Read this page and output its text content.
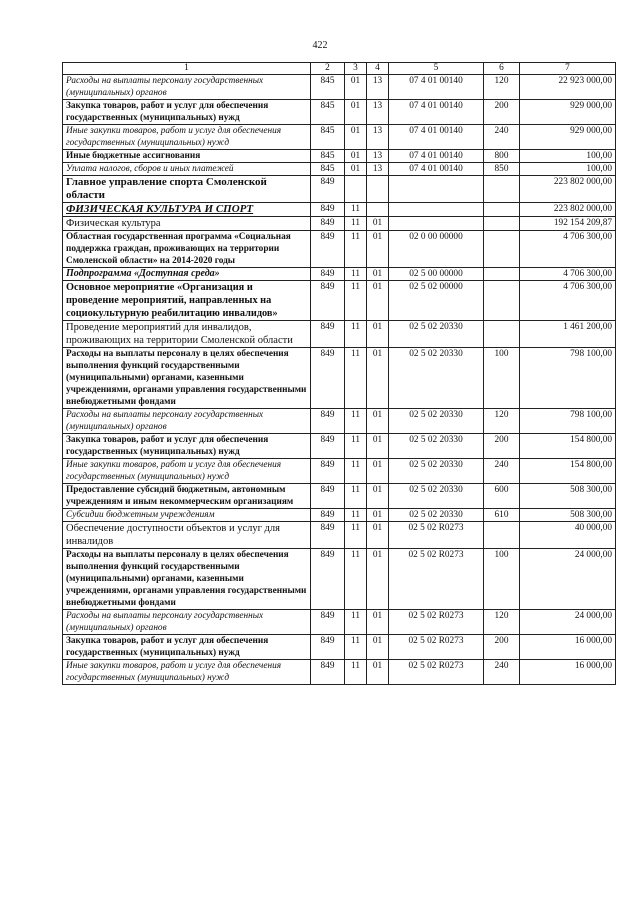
422
1	2	3	4	5	6	7
Расходы на выплаты персоналу государственных (муниципальных) органов	845	01	13	07 4 01 00140	120	22 923 000,00
Закупка товаров, работ и услуг для обеспечения государственных (муниципальных) нужд	845	01	13	07 4 01 00140	200	929 000,00
Иные закупки товаров, работ и услуг для обеспечения государственных (муниципальных) нужд	845	01	13	07 4 01 00140	240	929 000,00
Иные бюджетные ассигнования	845	01	13	07 4 01 00140	800	100,00
Уплата налогов, сборов и иных платежей	845	01	13	07 4 01 00140	850	100,00
Главное управление спорта Смоленской области	849					223 802 000,00
ФИЗИЧЕСКАЯ КУЛЬТУРА И СПОРТ	849	11				223 802 000,00
Физическая культура	849	11	01			192 154 209,87
Областная государственная программа «Социальная поддержка граждан, проживающих на территории Смоленской области» на 2014-2020 годы	849	11	01	02 0 00 00000		4 706 300,00
Подпрограмма «Доступная среда»	849	11	01	02 5 00 00000		4 706 300,00
Основное мероприятие «Организация и проведение мероприятий, направленных на социокультурную реабилитацию инвалидов»	849	11	01	02 5 02 00000		4 706 300,00
Проведение мероприятий для инвалидов, проживающих на территории Смоленской области	849	11	01	02 5 02 20330		1 461 200,00
Расходы на выплаты персоналу в целях обеспечения выполнения функций государственными (муниципальными) органами, казенными учреждениями, органами управления государственными внебюджетными фондами	849	11	01	02 5 02 20330	100	798 100,00
Расходы на выплаты персоналу государственных (муниципальных) органов	849	11	01	02 5 02 20330	120	798 100,00
Закупка товаров, работ и услуг для обеспечения государственных (муниципальных) нужд	849	11	01	02 5 02 20330	200	154 800,00
Иные закупки товаров, работ и услуг для обеспечения государственных (муниципальных) нужд	849	11	01	02 5 02 20330	240	154 800,00
Предоставление субсидий бюджетным, автономным учреждениям и иным некоммерческим организациям	849	11	01	02 5 02 20330	600	508 300,00
Субсидии бюджетным учреждениям	849	11	01	02 5 02 20330	610	508 300,00
Обеспечение доступности объектов и услуг для инвалидов	849	11	01	02 5 02 R0273		40 000,00
Расходы на выплаты персоналу в целях обеспечения выполнения функций государственными (муниципальными) органами, казенными учреждениями, органами управления государственными внебюджетными фондами	849	11	01	02 5 02 R0273	100	24 000,00
Расходы на выплаты персоналу государственных (муниципальных) органов	849	11	01	02 5 02 R0273	120	24 000,00
Закупка товаров, работ и услуг для обеспечения государственных (муниципальных) нужд	849	11	01	02 5 02 R0273	200	16 000,00
Иные закупки товаров, работ и услуг для обеспечения государственных (муниципальных) нужд	849	11	01	02 5 02 R0273	240	16 000,00
